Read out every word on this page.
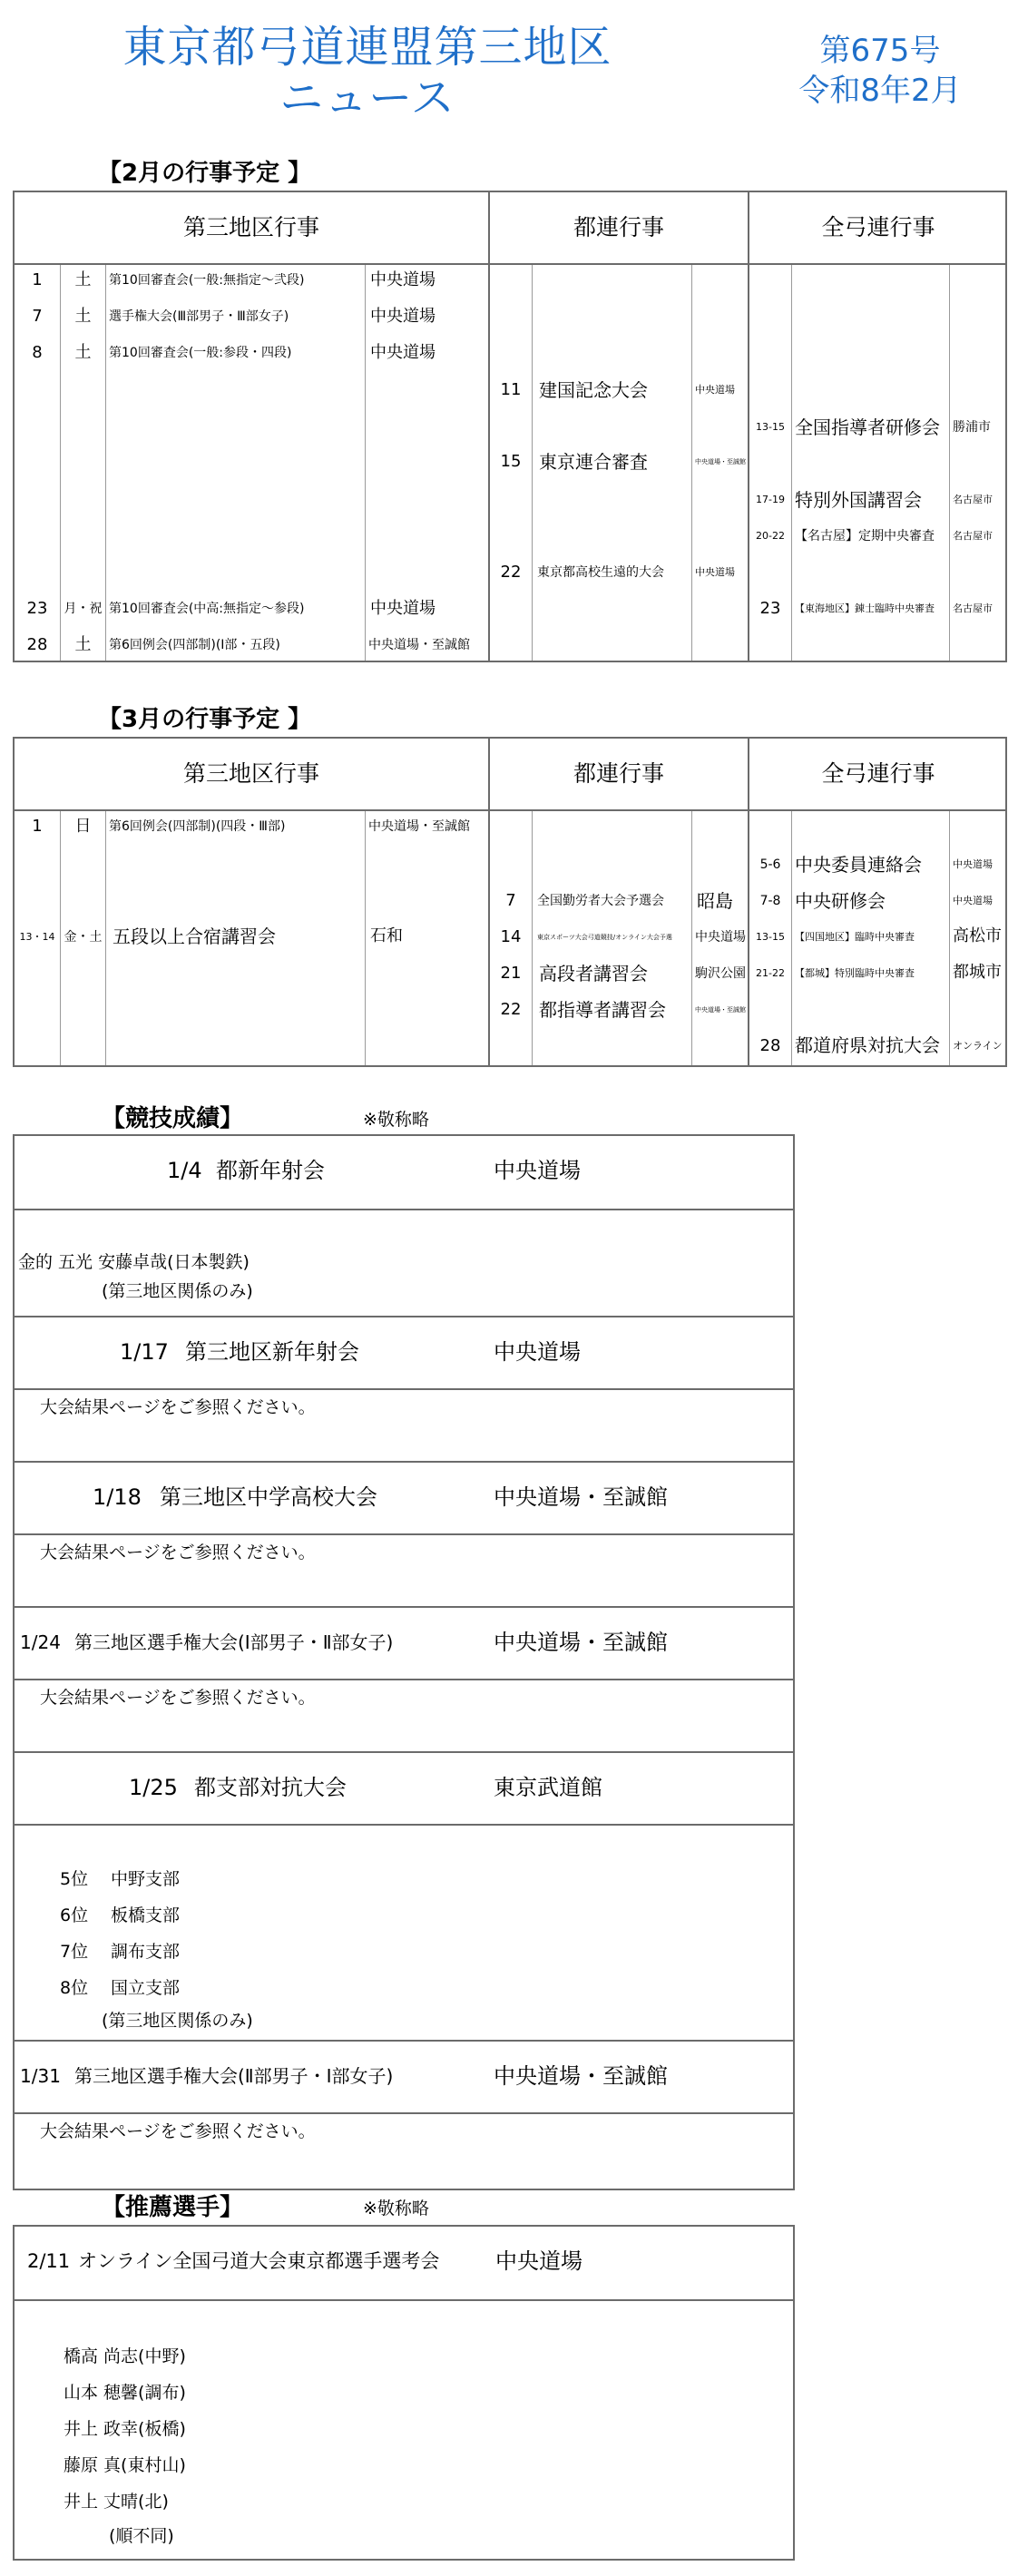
東京都弓道連盟第三地区
ニュース
第675号
令和8年2月
【2月の行事予定 】
第三地区行事	都連行事	全弓連行事
1	土	第10回審査会(一般:無指定～弐段)	中央道場
7	土	選手権大会(Ⅲ部男子・Ⅲ部女子)	中央道場
8	土	第10回審査会(一般:参段・四段)	中央道場
23	月・祝 第10回審査会(中高:無指定～参段)	中央道場
28	土	第6回例会(四部制)(Ⅰ部・五段)	中央道場・至誠館
11 建国記念大会	中央道場
15 東京連合審査	中央道場・至誠館
22	東京都高校生遠的大会	中央道場
13-15 全国指導者研修会 勝浦市
17-19 特別外国講習会	名古屋市
20-22 【名古屋】定期中央審査 名古屋市
23	【東海地区】錬士臨時中央審査 名古屋市
【3月の行事予定 】
第三地区行事	都連行事	全弓連行事
1	日	第6回例会(四部制)(四段・Ⅲ部)	中央道場・至誠館
13・14 金・土 五段以上合宿講習会	石和
7	全国勤労者大会予選会 昭島
14	東京スポーツ大会弓道競技/オンライン大会予選 中央道場
21 高段者講習会	駒沢公園
22 都指導者講習会	中央道場・至誠館
5-6 中央委員連絡会	中央道場
7-8 中央研修会	中央道場
13-15	【四国地区】臨時中央審査 高松市
21-22	【都城】特別臨時中央審査 都城市
28 都道府県対抗大会 オンライン
【競技成績】	※敬称略
1/4 都新年射会	中央道場
金的 五光 安藤卓哉(日本製鉄)
(第三地区関係のみ)
1/17 第三地区新年射会	中央道場
大会結果ページをご参照ください。
1/18 第三地区中学高校大会	中央道場・至誠館
大会結果ページをご参照ください。
1/24 第三地区選手権大会(Ⅰ部男子・Ⅱ部女子)	中央道場・至誠館
大会結果ページをご参照ください。
1/25 都支部対抗大会	東京武道館
5位 中野支部
6位 板橋支部
7位 調布支部
8位 国立支部
(第三地区関係のみ)
1/31 第三地区選手権大会(Ⅱ部男子・Ⅰ部女子)	中央道場・至誠館
大会結果ページをご参照ください。
【推薦選手】	※敬称略
2/11 オンライン全国弓道大会東京都選手選考会	中央道場
橋高 尚志(中野)
山本 穂馨(調布)
井上 政幸(板橋)
藤原 真(東村山)
井上 丈晴(北)
(順不同)
